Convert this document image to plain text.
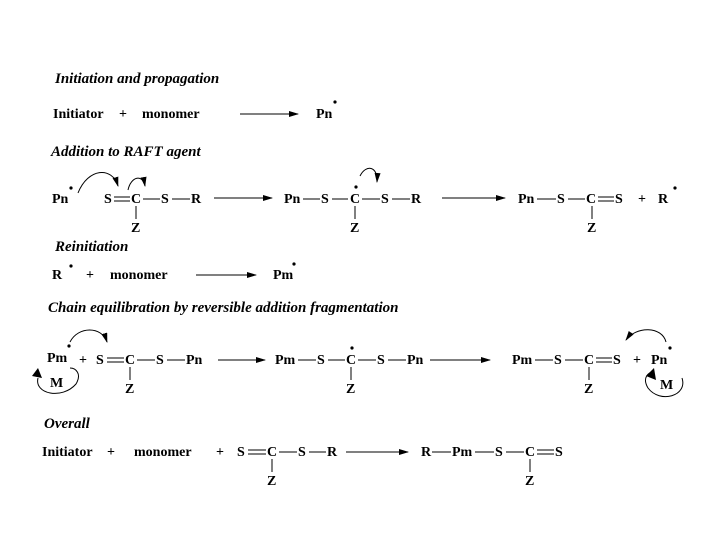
Initiation and propagation
Initiator + monomer	Pn
Addition to RAFT agent
Pn	S C S R
Z
Pn S C S R
Z
Pn S C S + R
Z
Reinitiation
R + monomer	Pm
Chain equilibration by reversible addition fragmentation
Pm + S C S Pn
Z
M
Pm S C S Pn
Z
Pm S C S + Pn
Z	M
Overall
Initiator + monomer + S C S R
Z
R Pm S C S
Z
